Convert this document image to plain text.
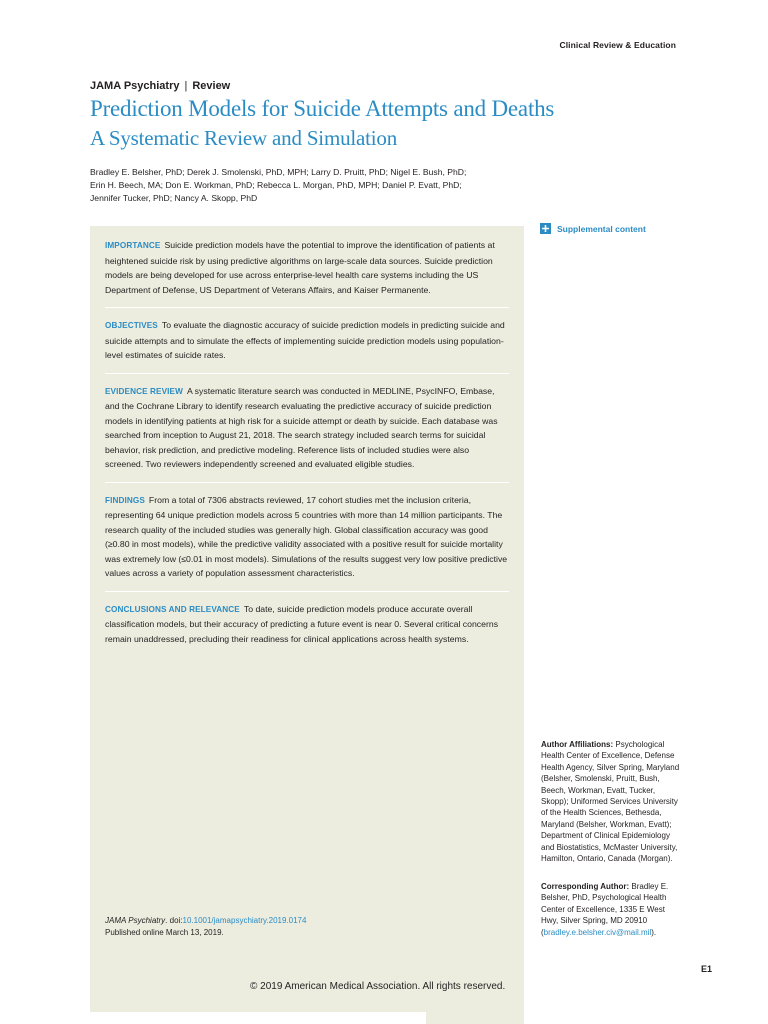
Clinical Review & Education
JAMA Psychiatry | Review
Prediction Models for Suicide Attempts and Deaths
A Systematic Review and Simulation
Bradley E. Belsher, PhD; Derek J. Smolenski, PhD, MPH; Larry D. Pruitt, PhD; Nigel E. Bush, PhD;
Erin H. Beech, MA; Don E. Workman, PhD; Rebecca L. Morgan, PhD, MPH; Daniel P. Evatt, PhD;
Jennifer Tucker, PhD; Nancy A. Skopp, PhD

IMPORTANCE Suicide prediction models have the potential to improve the identification of patients at heightened suicide risk by using predictive algorithms on large-scale data sources. Suicide prediction models are being developed for use across enterprise-level health care systems including the US Department of Defense, US Department of Veterans Affairs, and Kaiser Permanente.

OBJECTIVES To evaluate the diagnostic accuracy of suicide prediction models in predicting suicide and suicide attempts and to simulate the effects of implementing suicide prediction models using population-level estimates of suicide rates.

EVIDENCE REVIEW A systematic literature search was conducted in MEDLINE, PsycINFO, Embase, and the Cochrane Library to identify research evaluating the predictive accuracy of suicide prediction models in identifying patients at high risk for a suicide attempt or death by suicide. Each database was searched from inception to August 21, 2018. The search strategy included search terms for suicidal behavior, risk prediction, and predictive modeling. Reference lists of included studies were also screened. Two reviewers independently screened and evaluated eligible studies.

FINDINGS From a total of 7306 abstracts reviewed, 17 cohort studies met the inclusion criteria, representing 64 unique prediction models across 5 countries with more than 14 million participants. The research quality of the included studies was generally high. Global classification accuracy was good (≥0.80 in most models), while the predictive validity associated with a positive result for suicide mortality was extremely low (≤0.01 in most models). Simulations of the results suggest very low positive predictive values across a variety of population assessment characteristics.

CONCLUSIONS AND RELEVANCE To date, suicide prediction models produce accurate overall classification models, but their accuracy of predicting a future event is near 0. Several critical concerns remain unaddressed, precluding their readiness for clinical applications across health systems.

JAMA Psychiatry. doi:10.1001/jamapsychiatry.2019.0174
Published online March 13, 2019.
© 2019 American Medical Association. All rights reserved.
Supplemental content
Author Affiliations: Psychological Health Center of Excellence, Defense Health Agency, Silver Spring, Maryland (Belsher, Smolenski, Pruitt, Bush, Beech, Workman, Evatt, Tucker, Skopp); Uniformed Services University of the Health Sciences, Bethesda, Maryland (Belsher, Workman, Evatt); Department of Clinical Epidemiology and Biostatistics, McMaster University, Hamilton, Ontario, Canada (Morgan).
Corresponding Author: Bradley E. Belsher, PhD, Psychological Health Center of Excellence, 1335 E West Hwy, Silver Spring, MD 20910 (bradley.e.belsher.civ@mail.mil).
E1
